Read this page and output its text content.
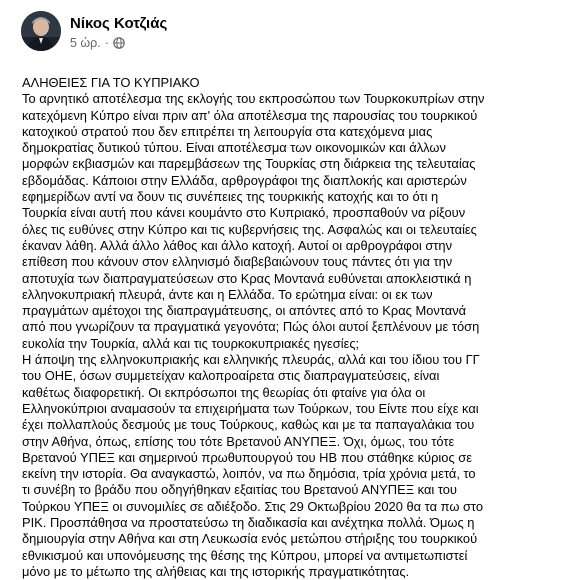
Νίκος Κοτζιάς
5 ώρ. ·
ΑΛΗΘΕΙΕΣ ΓΙΑ ΤΟ ΚΥΠΡΙΑΚΟ
Το αρνητικό αποτέλεσμα της εκλογής του εκπροσώπου των Τουρκοκυπρίων στην
κατεχόμενη Κύπρο είναι πριν απ' όλα αποτέλεσμα της παρουσίας του τουρκικού
κατοχικού στρατού που δεν επιτρέπει τη λειτουργία στα κατεχόμενα μιας
δημοκρατίας δυτικού τύπου. Είναι αποτέλεσμα των οικονομικών και άλλων
μορφών εκβιασμών και παρεμβάσεων της Τουρκίας στη διάρκεια της τελευταίας
εβδομάδας. Κάποιοι στην Ελλάδα, αρθρογράφοι της διαπλοκής και αριστερών
εφημερίδων αντί να δουν τις συνέπειες της τουρκικής κατοχής και το ότι η
Τουρκία είναι αυτή που κάνει κουμάντο στο Κυπριακό, προσπαθούν να ρίξουν
όλες τις ευθύνες στην Κύπρο και τις κυβερνήσεις της. Ασφαλώς και οι τελευταίες
έκαναν λάθη. Αλλά άλλο λάθος και άλλο κατοχή. Αυτοί οι αρθρογράφοι στην
επίθεση που κάνουν στον ελληνισμό διαβεβαιώνουν τους πάντες ότι για την
αποτυχία των διαπραγματεύσεων στο Κρας Μοντανά ευθύνεται αποκλειστικά η
ελληνοκυπριακή πλευρά, άντε και η Ελλάδα. Το ερώτημα είναι: οι εκ των
πραγμάτων αμέτοχοι της διαπραγμάτευσης, οι απόντες από το Κρας Μοντανά
από που γνωρίζουν τα πραγματικά γεγονότα; Πώς όλοι αυτοί ξεπλένουν με τόση
ευκολία την Τουρκία, αλλά και τις τουρκοκυπριακές ηγεσίες;
Η άποψη της ελληνοκυπριακής και ελληνικής πλευράς, αλλά και του ίδιου του ΓΓ
του ΟΗΕ, όσων συμμετείχαν καλοπροαίρετα στις διαπραγματεύσεις, είναι
καθέτως διαφορετική. Οι εκπρόσωποι της θεωρίας ότι φταίνε για όλα οι
Ελληνοκύπριοι αναμασούν τα επιχειρήματα των Τούρκων, του Είντε που είχε και
έχει πολλαπλούς δεσμούς με τους Τούρκους, καθώς και με τα παπαγαλάκια του
στην Αθήνα, όπως, επίσης του τότε Βρετανού ΑΝΥΠΕΞ. Όχι, όμως, του τότε
Βρετανού ΥΠΕΞ και σημερινού πρωθυπουργού του ΗΒ που στάθηκε κύριος σε
εκείνη την ιστορία. Θα αναγκαστώ, λοιπόν, να πω δημόσια, τρία χρόνια μετά, το
τι συνέβη το βράδυ που οδηγήθηκαν εξαιτίας του Βρετανού ΑΝΥΠΕΞ και του
Τούρκου ΥΠΕΞ οι συνομιλίες σε αδιέξοδο. Στις 29 Οκτωβρίου 2020 θα τα πω στο
ΡΙΚ. Προσπάθησα να προστατεύσω τη διαδικασία και ανέχτηκα πολλά. Όμως η
δημιουργία στην Αθήνα και στη Λευκωσία ενός μετώπου στήριξης του τουρκικού
εθνικισμού και υπονόμευσης της θέσης της Κύπρου, μπορεί να αντιμετωπιστεί
μόνο με το μέτωπο της αλήθειας και της ιστορικής πραγματικότητας.
